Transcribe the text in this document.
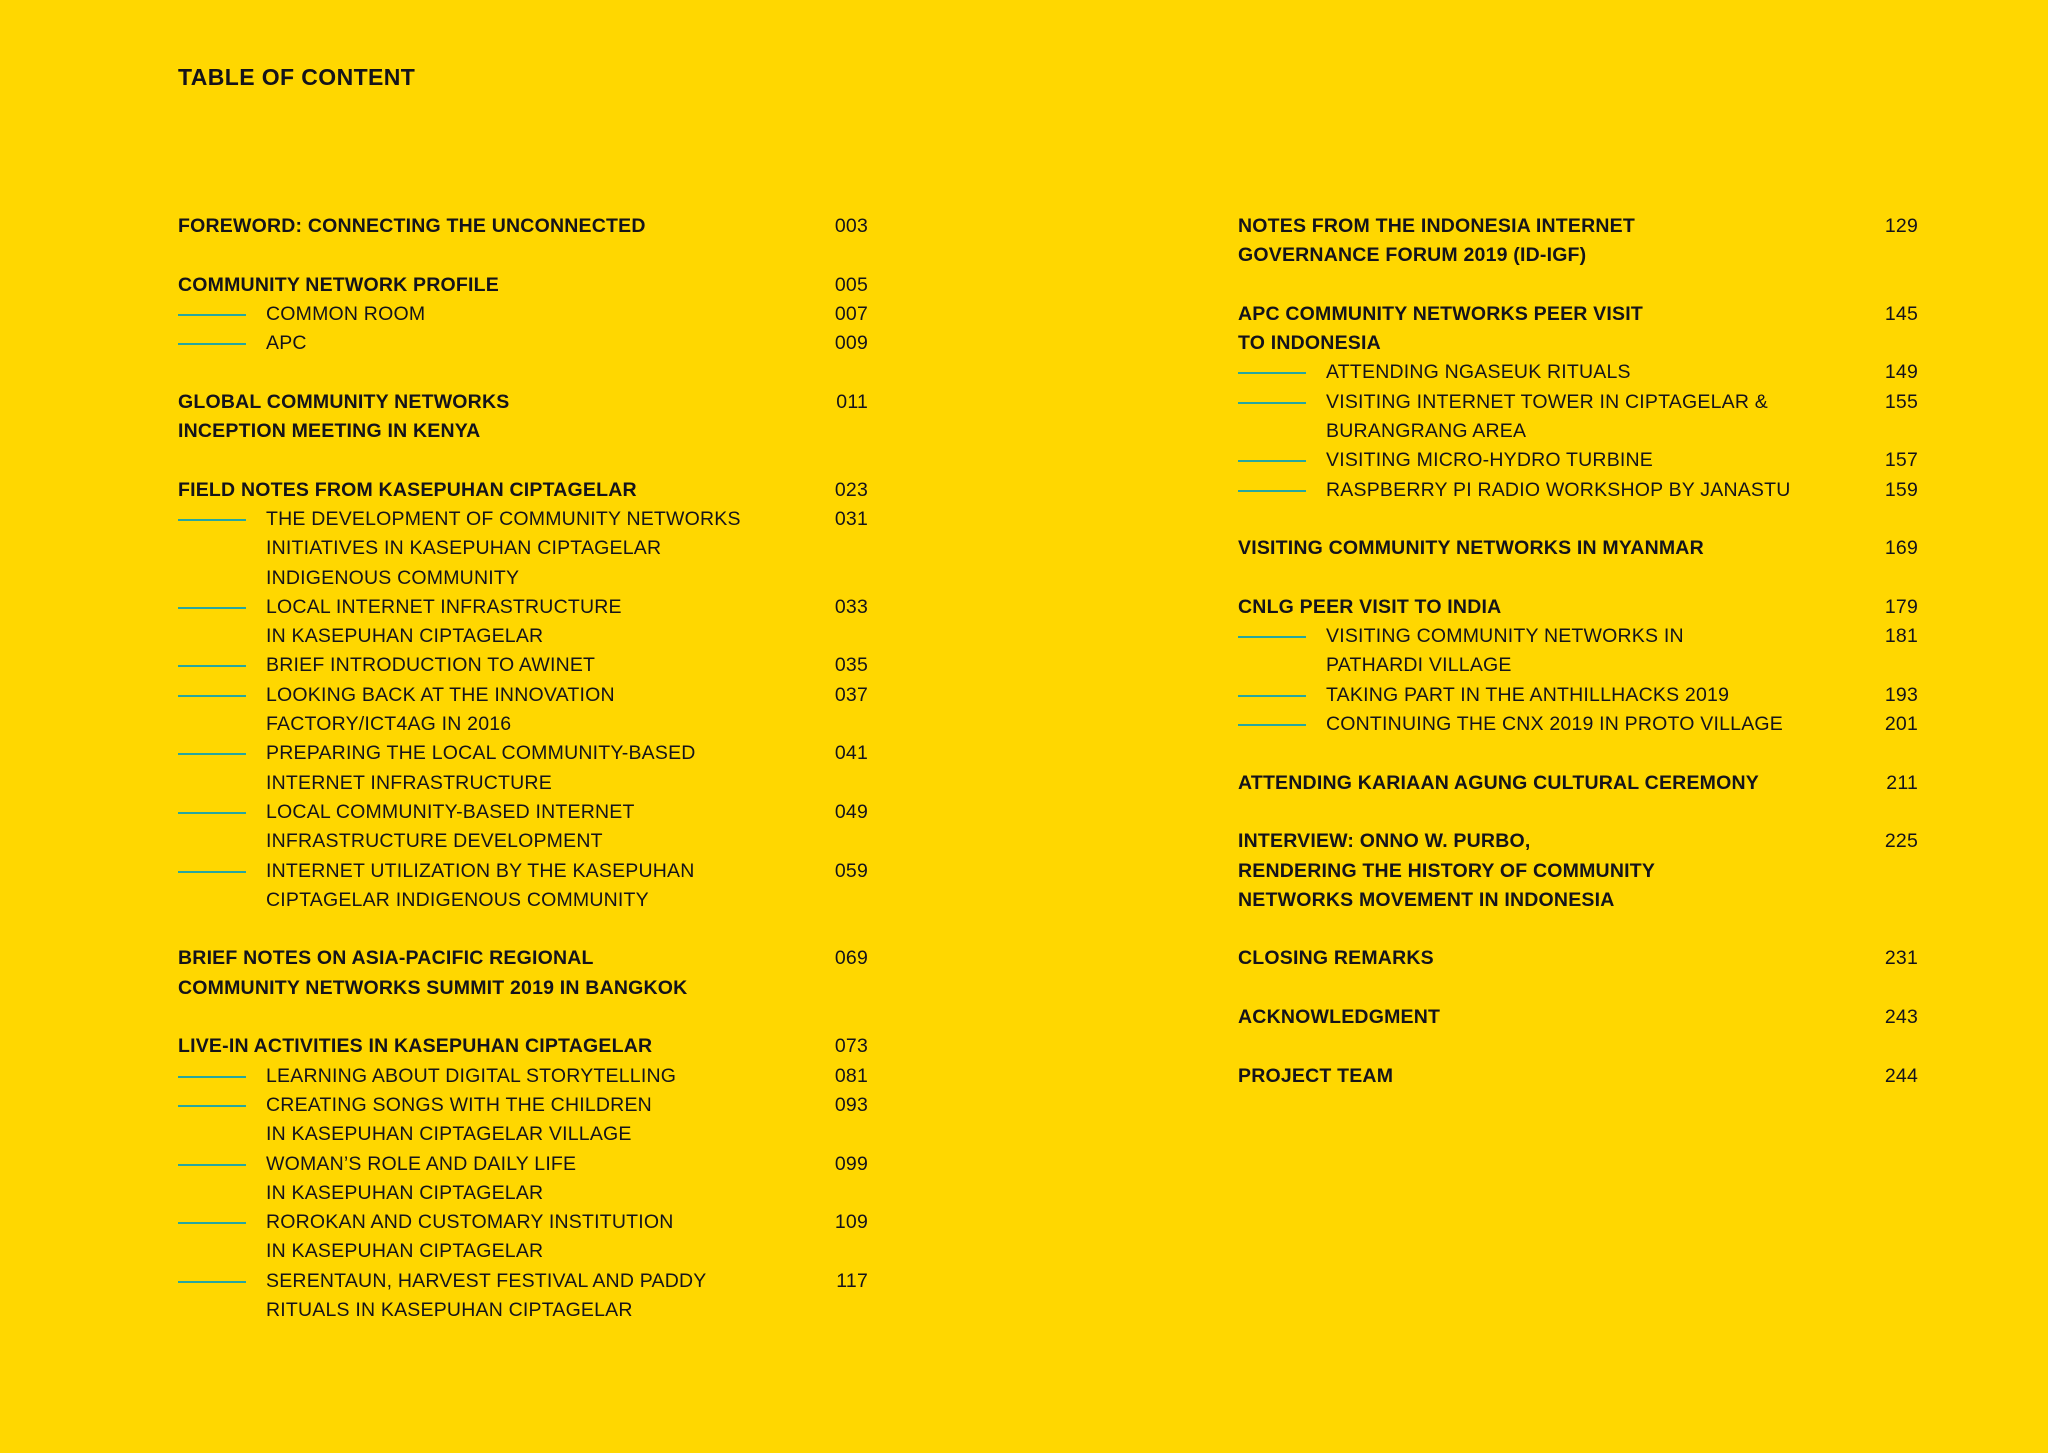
TABLE OF CONTENT
FOREWORD: CONNECTING THE UNCONNECTED	003
COMMUNITY NETWORK PROFILE	005
COMMON ROOM	007
APC	009
GLOBAL COMMUNITY NETWORKS	011
INCEPTION MEETING IN KENYA
FIELD NOTES FROM KASEPUHAN CIPTAGELAR	023
THE DEVELOPMENT OF COMMUNITY NETWORKS	031
INITIATIVES IN KASEPUHAN CIPTAGELAR
INDIGENOUS COMMUNITY
LOCAL INTERNET INFRASTRUCTURE	033
IN KASEPUHAN CIPTAGELAR
BRIEF INTRODUCTION TO AWINET	035
LOOKING BACK AT THE INNOVATION	037
FACTORY/ICT4AG IN 2016
PREPARING THE LOCAL COMMUNITY-BASED	041
INTERNET INFRASTRUCTURE
LOCAL COMMUNITY-BASED INTERNET	049
INFRASTRUCTURE DEVELOPMENT
INTERNET UTILIZATION BY THE KASEPUHAN	059
CIPTAGELAR INDIGENOUS COMMUNITY
BRIEF NOTES ON ASIA-PACIFIC REGIONAL	069
COMMUNITY NETWORKS SUMMIT 2019 IN BANGKOK
LIVE-IN ACTIVITIES IN KASEPUHAN CIPTAGELAR	073
LEARNING ABOUT DIGITAL STORYTELLING	081
CREATING SONGS WITH THE CHILDREN	093
IN KASEPUHAN CIPTAGELAR VILLAGE
WOMAN’S ROLE AND DAILY LIFE	099
IN KASEPUHAN CIPTAGELAR
ROROKAN AND CUSTOMARY INSTITUTION	109
IN KASEPUHAN CIPTAGELAR
SERENTAUN, HARVEST FESTIVAL AND PADDY	117
RITUALS IN KASEPUHAN CIPTAGELAR
NOTES FROM THE INDONESIA INTERNET	129
GOVERNANCE FORUM 2019 (ID-IGF)
APC COMMUNITY NETWORKS PEER VISIT	145
TO INDONESIA
ATTENDING NGASEUK RITUALS	149
VISITING INTERNET TOWER IN CIPTAGELAR &	155
BURANGRANG AREA
VISITING MICRO-HYDRO TURBINE	157
RASPBERRY PI RADIO WORKSHOP BY JANASTU	159
VISITING COMMUNITY NETWORKS IN MYANMAR	169
CNLG PEER VISIT TO INDIA	179
VISITING COMMUNITY NETWORKS IN	181
PATHARDI VILLAGE
TAKING PART IN THE ANTHILLHACKS 2019	193
CONTINUING THE CNX 2019 IN PROTO VILLAGE	201
ATTENDING KARIAAN AGUNG CULTURAL CEREMONY	211
INTERVIEW: ONNO W. PURBO,	225
RENDERING THE HISTORY OF COMMUNITY
NETWORKS MOVEMENT IN INDONESIA
CLOSING REMARKS	231
ACKNOWLEDGMENT	243
PROJECT TEAM	244
